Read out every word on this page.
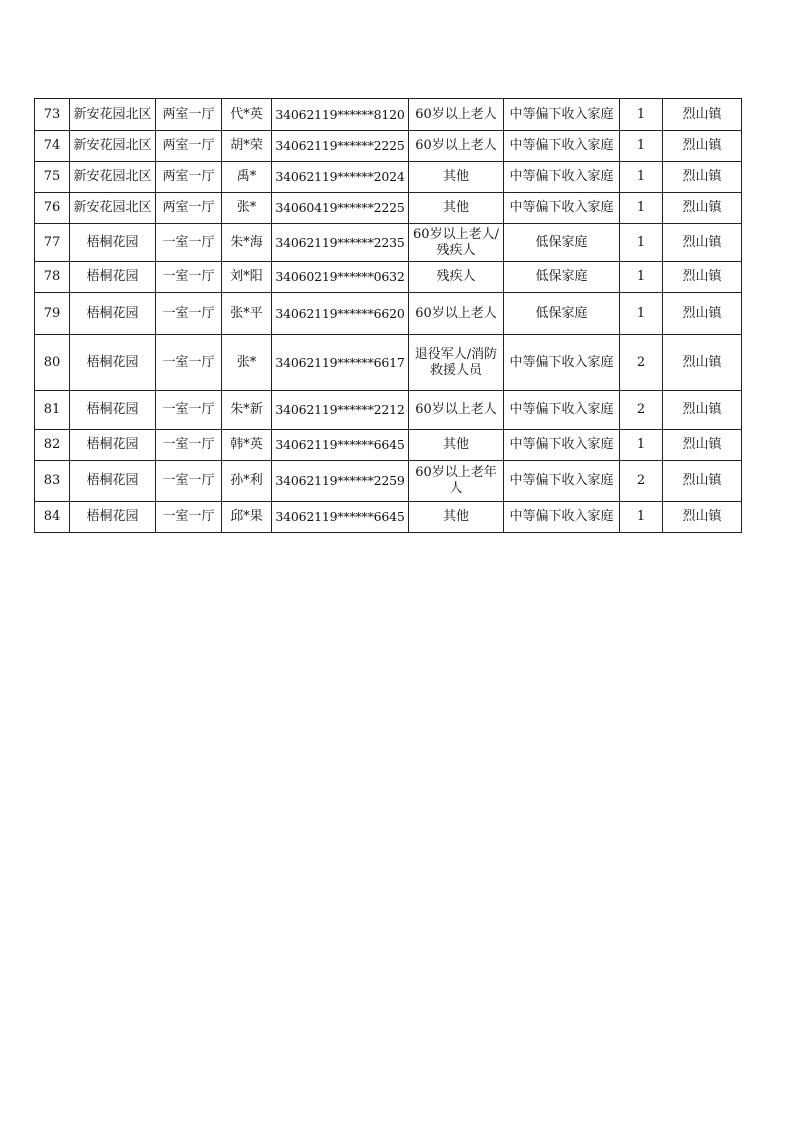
73	新安花园北区	两室一厅	代*英	34062119******8120	60岁以上老人	中等偏下收入家庭	1	烈山镇
74	新安花园北区	两室一厅	胡*荣	34062119******2225	60岁以上老人	中等偏下收入家庭	1	烈山镇
75	新安花园北区	两室一厅	禹*	34062119******2024	其他	中等偏下收入家庭	1	烈山镇
76	新安花园北区	两室一厅	张*	34060419******2225	其他	中等偏下收入家庭	1	烈山镇
77	梧桐花园	一室一厅	朱*海	34062119******2235	60岁以上老人/残疾人	低保家庭	1	烈山镇
78	梧桐花园	一室一厅	刘*阳	34060219******0632	残疾人	低保家庭	1	烈山镇
79	梧桐花园	一室一厅	张*平	34062119******6620	60岁以上老人	低保家庭	1	烈山镇
80	梧桐花园	一室一厅	张*	34062119******6617	退役军人/消防救援人员	中等偏下收入家庭	2	烈山镇
81	梧桐花园	一室一厅	朱*新	34062119******2212	60岁以上老人	中等偏下收入家庭	2	烈山镇
82	梧桐花园	一室一厅	韩*英	34062119******6645	其他	中等偏下收入家庭	1	烈山镇
83	梧桐花园	一室一厅	孙*利	34062119******2259	60岁以上老年人	中等偏下收入家庭	2	烈山镇
84	梧桐花园	一室一厅	邱*果	34062119******6645	其他	中等偏下收入家庭	1	烈山镇
